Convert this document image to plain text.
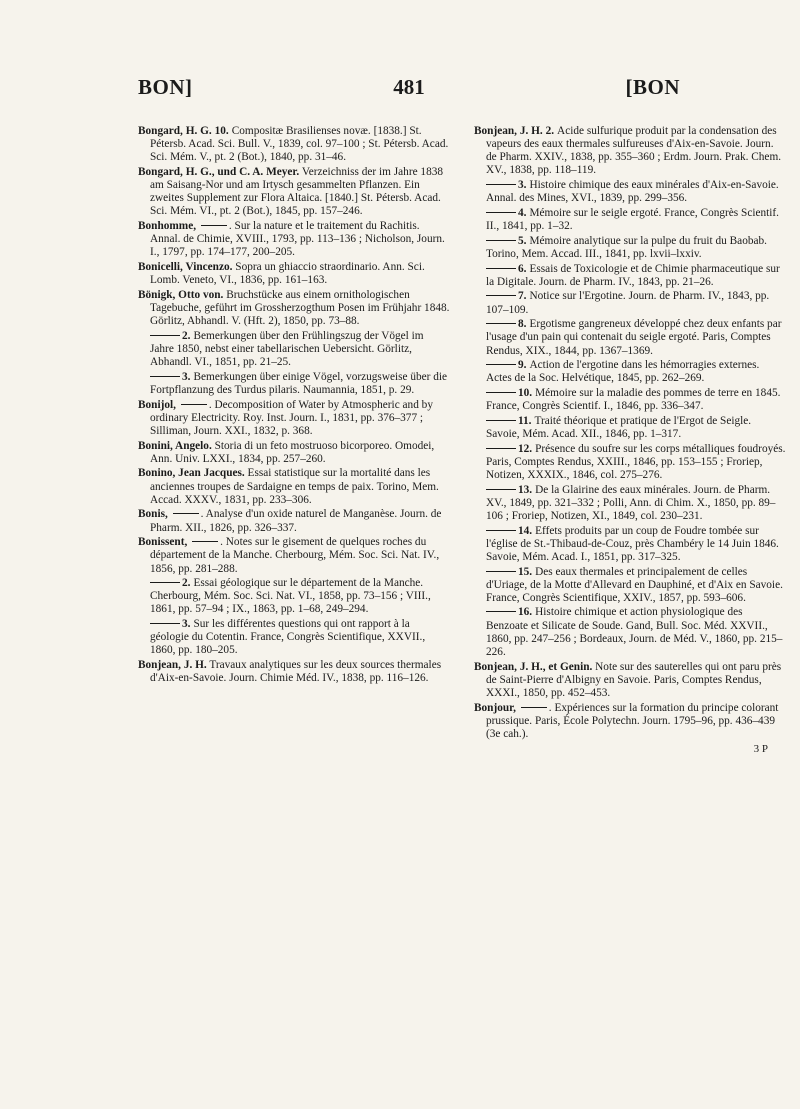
BON]	481	[BON
Bongard, H. G. 10. Compositæ Brasilienses novæ. [1838.] St. Pétersb. Acad. Sci. Bull. V., 1839, col. 97–100 ; St. Pétersb. Acad. Sci. Mém. V., pt. 2 (Bot.), 1840, pp. 31–46.
Bongard, H. G., und C. A. Meyer. Verzeichniss der im Jahre 1838 am Saisang-Nor und am Irtysch gesammelten Pflanzen. Ein zweites Supplement zur Flora Altaica. [1840.] St. Pétersb. Acad. Sci. Mém. VI., pt. 2 (Bot.), 1845, pp. 157–246.
Bonhomme,	. Sur la nature et le traitement du Rachitis. Annal. de Chimie, XVIII., 1793, pp. 113–136 ; Nicholson, Journ. I., 1797, pp. 174–177, 200–205.
Bonicelli, Vincenzo. Sopra un ghiaccio straordinario. Ann. Sci. Lomb. Veneto, VI., 1836, pp. 161–163.
Bönigk, Otto von. Bruchstücke aus einem ornithologischen Tagebuche, geführt im Grossherzogthum Posen im Frühjahr 1848. Görlitz, Abhandl. V. (Hft. 2), 1850, pp. 73–88.
2. Bemerkungen über den Frühlingszug der Vögel im Jahre 1850, nebst einer tabellarischen Uebersicht. Görlitz, Abhandl. VI., 1851, pp. 21–25.
3. Bemerkungen über einige Vögel, vorzugsweise über die Fortpflanzung des Turdus pilaris. Naumannia, 1851, p. 29.
Bonijol,	. Decomposition of Water by Atmospheric and by ordinary Electricity. Roy. Inst. Journ. I., 1831, pp. 376–377 ; Silliman, Journ. XXI., 1832, p. 368.
Bonini, Angelo. Storia di un feto mostruoso bicorporeo. Omodei, Ann. Univ. LXXI., 1834, pp. 257–260.
Bonino, Jean Jacques. Essai statistique sur la mortalité dans les anciennes troupes de Sardaigne en temps de paix. Torino, Mem. Accad. XXXV., 1831, pp. 233–306.
Bonis,	. Analyse d'un oxide naturel de Manganèse. Journ. de Pharm. XII., 1826, pp. 326–337.
Bonissent,	. Notes sur le gisement de quelques roches du département de la Manche. Cherbourg, Mém. Soc. Sci. Nat. IV., 1856, pp. 281–288.
2. Essai géologique sur le département de la Manche. Cherbourg, Mém. Soc. Sci. Nat. VI., 1858, pp. 73–156 ; VIII., 1861, pp. 57–94 ; IX., 1863, pp. 1–68, 249–294.
3. Sur les différentes questions qui ont rapport à la géologie du Cotentin. France, Congrès Scientifique, XXVII., 1860, pp. 180–205.
Bonjean, J. H. Travaux analytiques sur les deux sources thermales d'Aix-en-Savoie. Journ. Chimie Méd. IV., 1838, pp. 116–126.
Bonjean, J. H. 2. Acide sulfurique produit par la condensation des vapeurs des eaux thermales sulfureuses d'Aix-en-Savoie. Journ. de Pharm. XXIV., 1838, pp. 355–360 ; Erdm. Journ. Prak. Chem. XV., 1838, pp. 118–119.
3. Histoire chimique des eaux minérales d'Aix-en-Savoie. Annal. des Mines, XVI., 1839, pp. 299–356.
4. Mémoire sur le seigle ergoté. France, Congrès Scientif. II., 1841, pp. 1–32.
5. Mémoire analytique sur la pulpe du fruit du Baobab. Torino, Mem. Accad. III., 1841, pp. lxvii–lxxiv.
6. Essais de Toxicologie et de Chimie pharmaceutique sur la Digitale. Journ. de Pharm. IV., 1843, pp. 21–26.
7. Notice sur l'Ergotine. Journ. de Pharm. IV., 1843, pp. 107–109.
8. Ergotisme gangreneux développé chez deux enfants par l'usage d'un pain qui contenait du seigle ergoté. Paris, Comptes Rendus, XIX., 1844, pp. 1367–1369.
9. Action de l'ergotine dans les hémorragies externes. Actes de la Soc. Helvétique, 1845, pp. 262–269.
10. Mémoire sur la maladie des pommes de terre en 1845. France, Congrès Scientif. I., 1846, pp. 336–347.
11. Traité théorique et pratique de l'Ergot de Seigle. Savoie, Mém. Acad. XII., 1846, pp. 1–317.
12. Présence du soufre sur les corps métalliques foudroyés. Paris, Comptes Rendus, XXIII., 1846, pp. 153–155 ; Froriep, Notizen, XXXIX., 1846, col. 275–276.
13. De la Glairine des eaux minérales. Journ. de Pharm. XV., 1849, pp. 321–332 ; Polli, Ann. di Chim. X., 1850, pp. 89–106 ; Froriep, Notizen, XI., 1849, col. 230–231.
14. Effets produits par un coup de Foudre tombée sur l'église de St.-Thibaud-de-Couz, près Chambéry le 14 Juin 1846. Savoie, Mém. Acad. I., 1851, pp. 317–325.
15. Des eaux thermales et principalement de celles d'Uriage, de la Motte d'Allevard en Dauphiné, et d'Aix en Savoie. France, Congrès Scientifique, XXIV., 1857, pp. 593–606.
16. Histoire chimique et action physiologique des Benzoate et Silicate de Soude. Gand, Bull. Soc. Méd. XXVII., 1860, pp. 247–256 ; Bordeaux, Journ. de Méd. V., 1860, pp. 215–226.
Bonjean, J. H., et Genin. Note sur des sauterelles qui ont paru près de Saint-Pierre d'Albigny en Savoie. Paris, Comptes Rendus, XXXI., 1850, pp. 452–453.
Bonjour,	. Expériences sur la formation du principe colorant prussique. Paris, École Polytechn. Journ. 1795–96, pp. 436–439 (3e cah.).
3 P
